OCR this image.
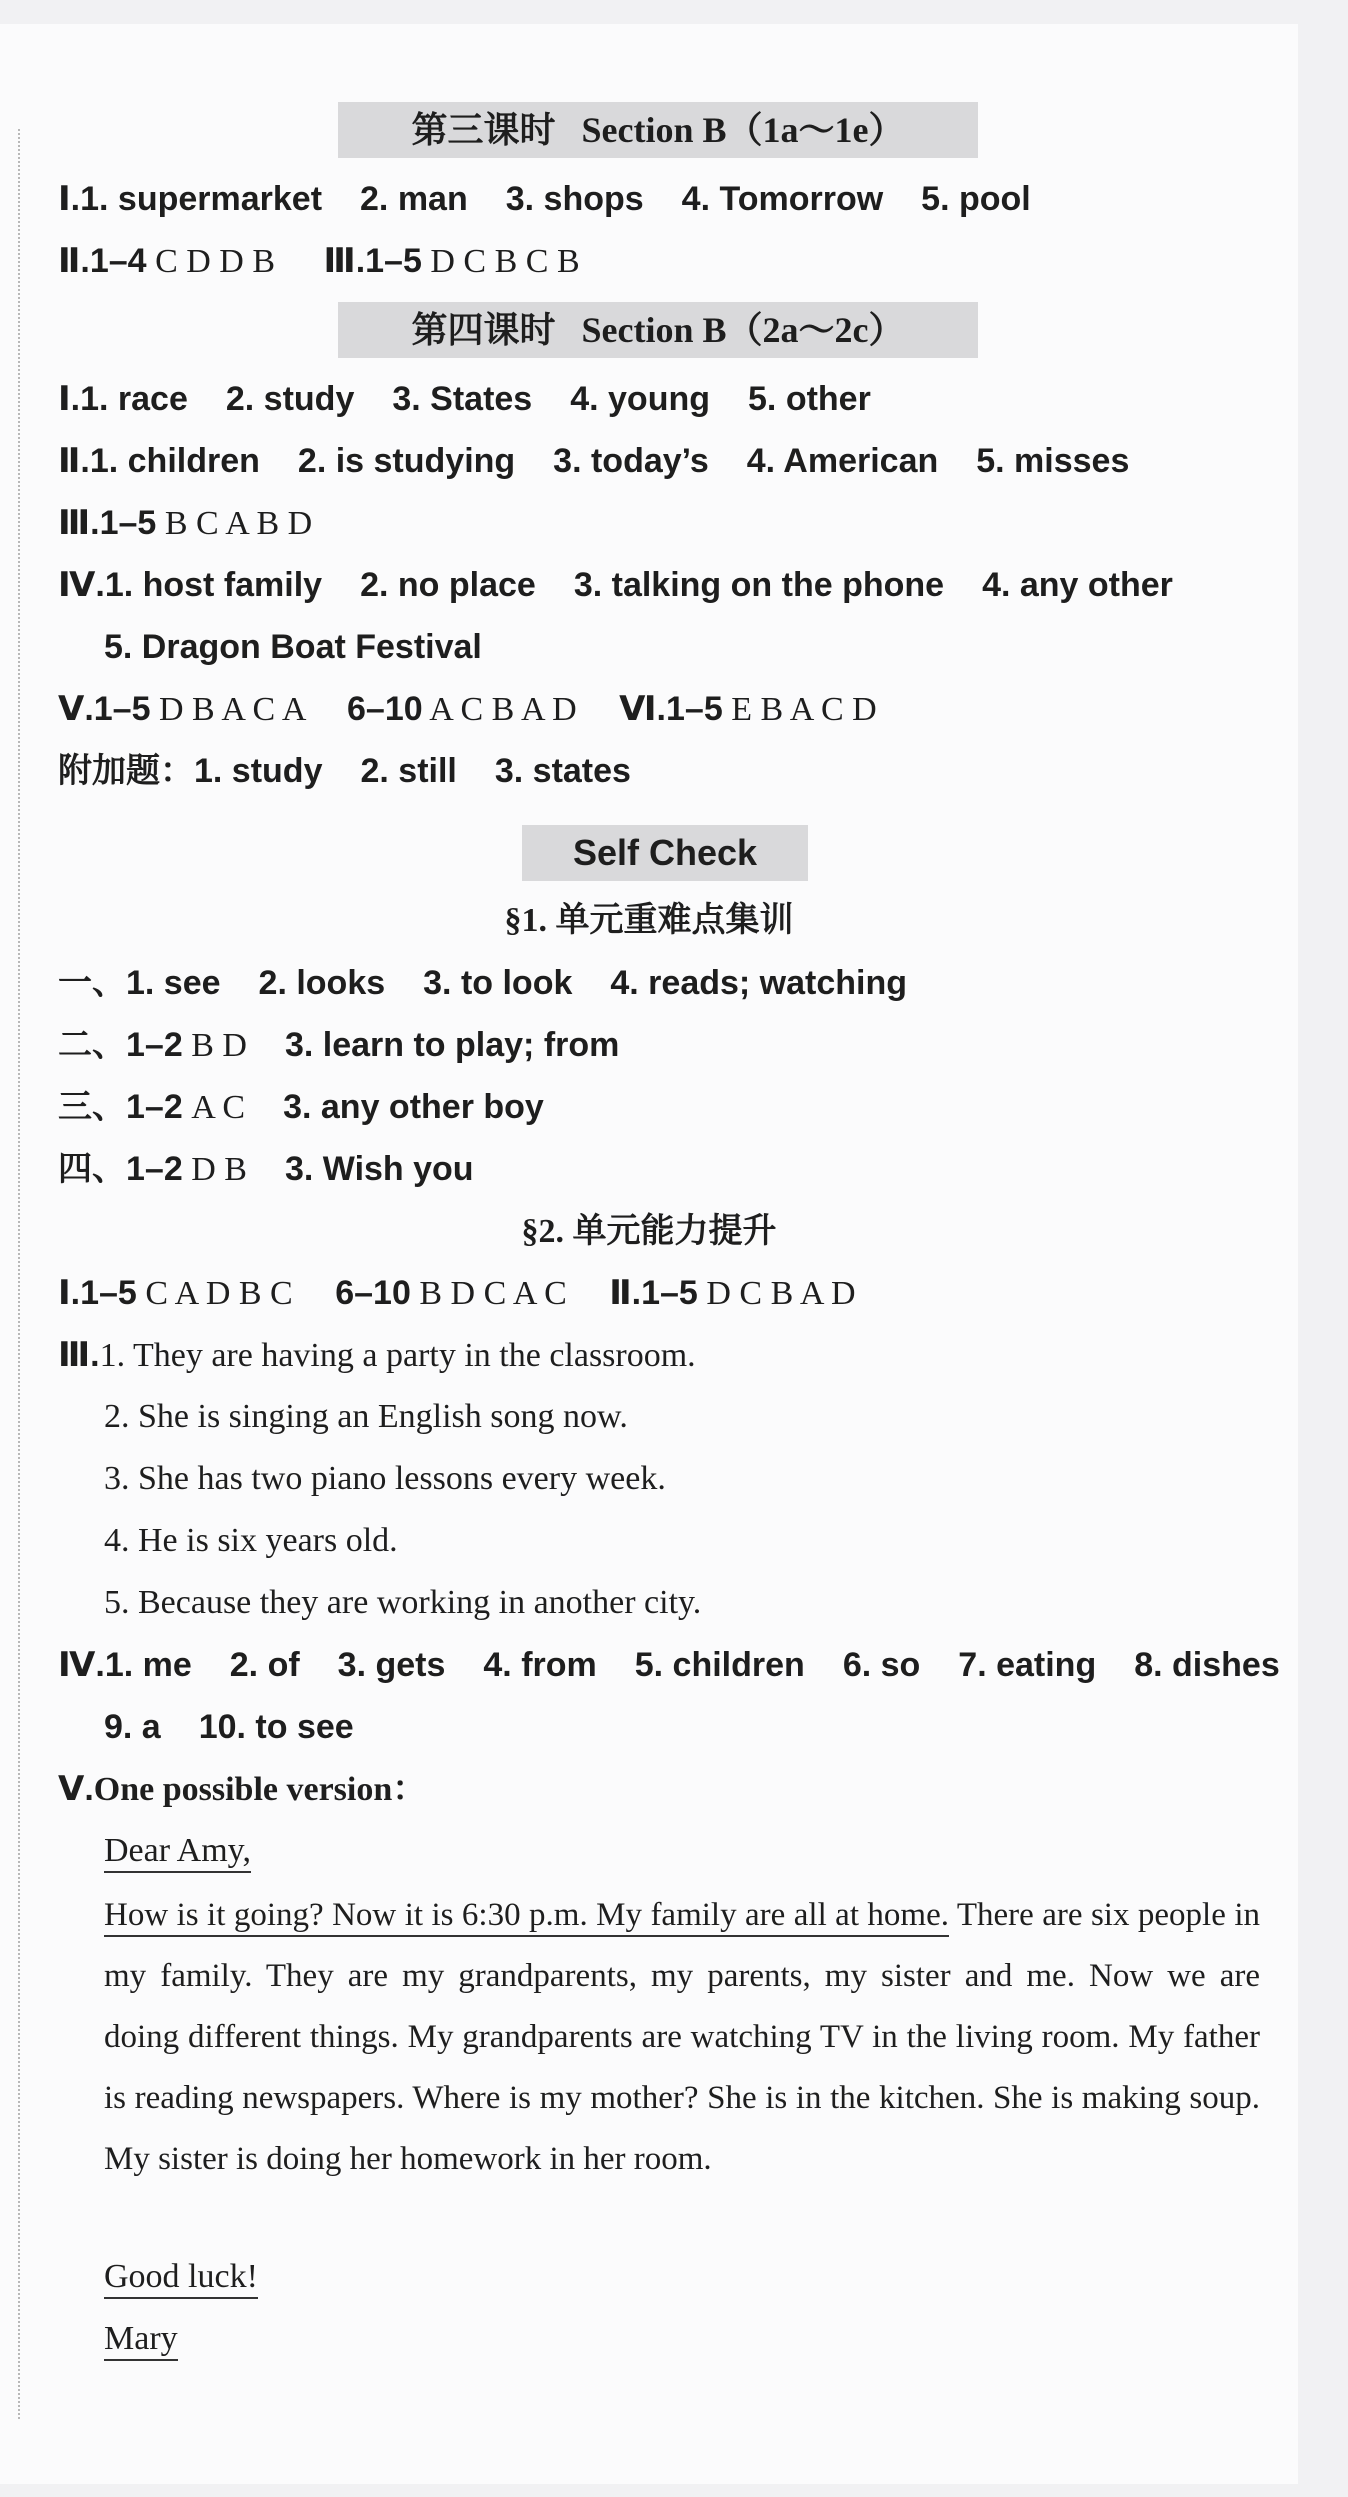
第三课时 Section B（1a～1e）
Ⅰ.1. supermarket 2. man 3. shops 4. Tomorrow 5. pool
Ⅱ.1–4 C D D B Ⅲ.1–5 D C B C B
第四课时 Section B（2a～2c）
Ⅰ.1. race 2. study 3. States 4. young 5. other
Ⅱ.1. children 2. is studying 3. today’s 4. American 5. misses
Ⅲ.1–5 B C A B D
Ⅳ.1. host family 2. no place 3. talking on the phone 4. any other
5. Dragon Boat Festival
Ⅴ.1–5 D B A C A 6–10 A C B A D Ⅵ.1–5 E B A C D
附加题：1. study 2. still 3. states
Self Check
§1. 单元重难点集训
一、1. see 2. looks 3. to look 4. reads; watching
二、1–2 B D 3. learn to play; from
三、1–2 A C 3. any other boy
四、1–2 D B 3. Wish you
§2. 单元能力提升
Ⅰ.1–5 C A D B C 6–10 B D C A C Ⅱ.1–5 D C B A D
Ⅲ.1. They are having a party in the classroom.
2. She is singing an English song now.
3. She has two piano lessons every week.
4. He is six years old.
5. Because they are working in another city.
Ⅳ.1. me 2. of 3. gets 4. from 5. children 6. so 7. eating 8. dishes
9. a 10. to see
Ⅴ.One possible version：
Dear Amy,
How is it going? Now it is 6:30 p.m. My family are all at home. There are six people in my family. They are my grandparents, my parents, my sister and me. Now we are doing different things. My grandparents are watching TV in the living room. My father is reading newspapers. Where is my mother? She is in the kitchen. She is making soup. My sister is doing her homework in her room.
Good luck!
Mary
